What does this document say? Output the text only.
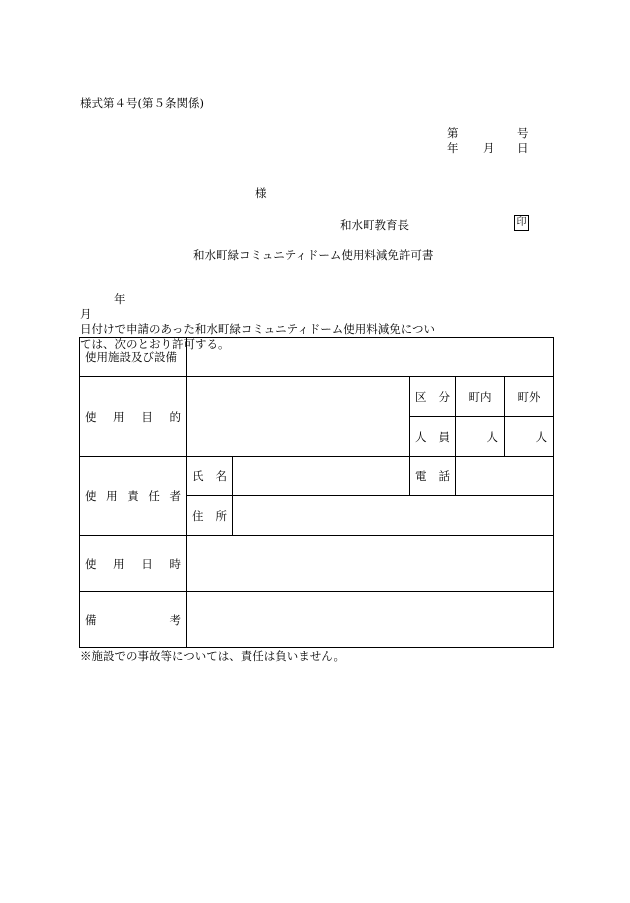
様式第４号(第５条関係)
第	号
年 月 日
様
和水町教育長	印
和水町緑コミュニティドーム使用料減免許可書
年
月
日付けで申請のあった和水町緑コミュニティドーム使用料減免につい
ては、次のとおり許可する。
使用施設及び設備					

使 用 目 的			区 分	町内	町外

			人 員	人	人

使 用 責 任 者	氏 名		電 話		

	住 所				

使 用 日 時					

備 考					

※施設での事故等については、責任は負いません。
